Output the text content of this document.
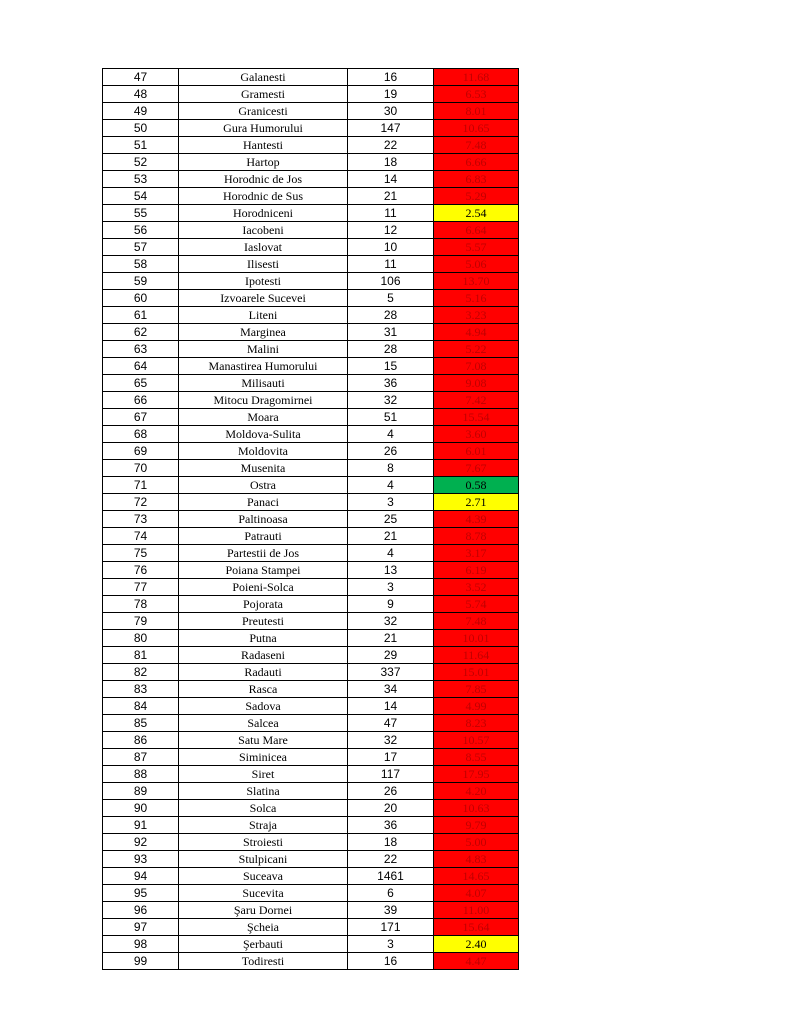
47	Galanesti	16	11.68
48	Gramesti	19	6.53
49	Granicesti	30	8.01
50	Gura Humorului	147	10.65
51	Hantesti	22	7.48
52	Hartop	18	6.66
53	Horodnic de Jos	14	6.83
54	Horodnic de Sus	21	5.29
55	Horodniceni	11	2.54
56	Iacobeni	12	6.64
57	Iaslovat	10	5.57
58	Ilisesti	11	5.06
59	Ipotesti	106	13.70
60	Izvoarele Sucevei	5	5.16
61	Liteni	28	3.23
62	Marginea	31	4.94
63	Malini	28	5.22
64	Manastirea Humorului	15	7.08
65	Milisauti	36	9.08
66	Mitocu Dragomirnei	32	7.42
67	Moara	51	15.54
68	Moldova-Sulita	4	3.60
69	Moldovita	26	6.01
70	Musenita	8	7.67
71	Ostra	4	0.58
72	Panaci	3	2.71
73	Paltinoasa	25	4.39
74	Patrauti	21	8.78
75	Partestii de Jos	4	3.17
76	Poiana Stampei	13	6.19
77	Poieni-Solca	3	3.52
78	Pojorata	9	5.74
79	Preutesti	32	7.48
80	Putna	21	10.01
81	Radaseni	29	11.64
82	Radauti	337	15.01
83	Rasca	34	7.85
84	Sadova	14	4.99
85	Salcea	47	8.23
86	Satu Mare	32	10.57
87	Siminicea	17	8.55
88	Siret	117	17.95
89	Slatina	26	4.20
90	Solca	20	10.63
91	Straja	36	9.79
92	Stroiesti	18	5.00
93	Stulpicani	22	4.83
94	Suceava	1461	14.65
95	Sucevita	6	4.07
96	Şaru Dornei	39	11.00
97	Şcheia	171	15.64
98	Şerbauti	3	2.40
99	Todiresti	16	4.47
